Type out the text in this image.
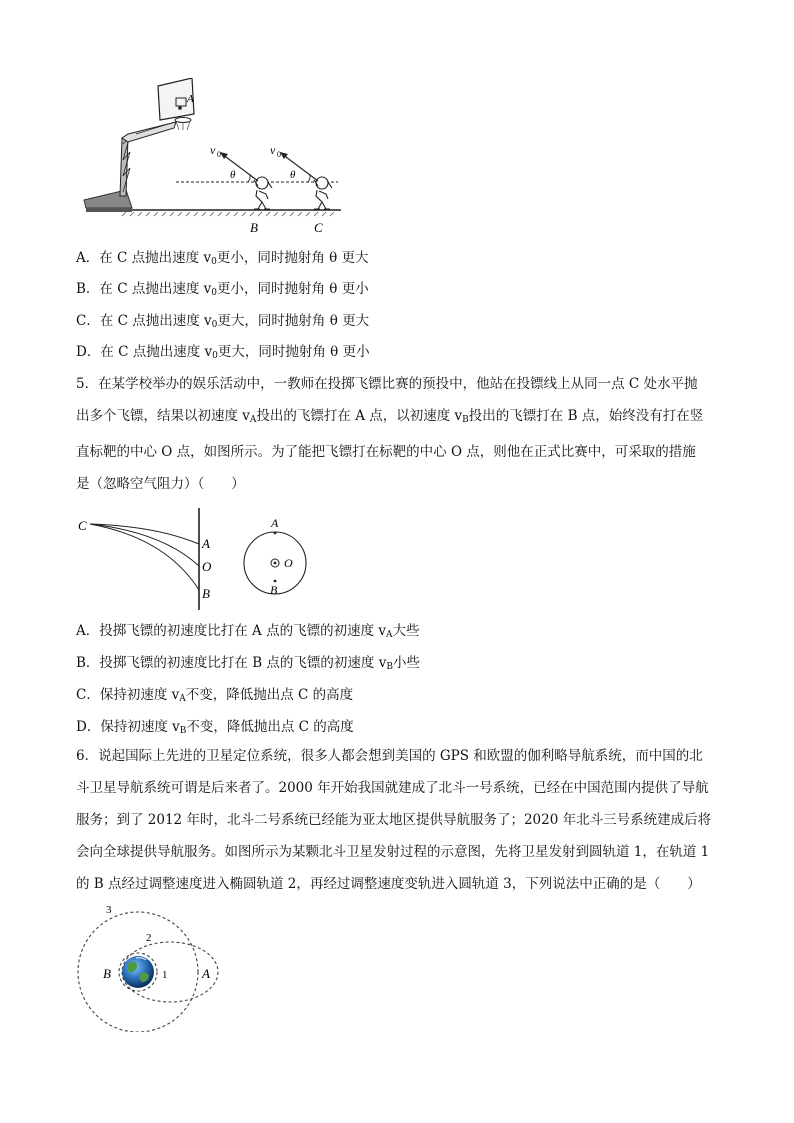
A
v 0
θ
B
v 0
θ
C
A．在 C 点抛出速度 $v_0$更小，同时抛射角 θ 更大
B．在 C 点抛出速度 $v_0$更小，同时抛射角 θ 更小
C．在 C 点抛出速度 $v_0$更大，同时抛射角 θ 更大
D．在 C 点抛出速度 $v_0$更大，同时抛射角 θ 更小
5．在某学校举办的娱乐活动中，一教师在投掷飞镖比赛的预投中，他站在投镖线上从同一点 C 处水平抛
出多个飞镖，结果以初速度 $v_A$投出的飞镖打在 A 点，以初速度 $v_B$投出的飞镖打在 B 点，始终没有打在竖
直标靶的中心 O 点，如图所示。为了能把飞镖打在标靶的中心 O 点，则他在正式比赛中，可采取的措施
是（忽略空气阻力）（　　）
C
A
O
B
A
O
B
A．投掷飞镖的初速度比打在 A 点的飞镖的初速度 $v_A$大些
B．投掷飞镖的初速度比打在 B 点的飞镖的初速度 $v_B$小些
C．保持初速度 $v_A$不变，降低抛出点 C 的高度
D．保持初速度 $v_B$不变，降低抛出点 C 的高度
6．说起国际上先进的卫星定位系统，很多人都会想到美国的 GPS 和欧盟的伽利略导航系统，而中国的北
斗卫星导航系统可谓是后来者了。2000 年开始我国就建成了北斗一号系统，已经在中国范围内提供了导航
服务；到了 2012 年时，北斗二号系统已经能为亚太地区提供导航服务了；2020 年北斗三号系统建成后将
会向全球提供导航服务。如图所示为某颗北斗卫星发射过程的示意图，先将卫星发射到圆轨道 1，在轨道 1
的 B 点经过调整速度进入椭圆轨道 2，再经过调整速度变轨进入圆轨道 3，下列说法中正确的是（　　）
3
2
1
B	A
